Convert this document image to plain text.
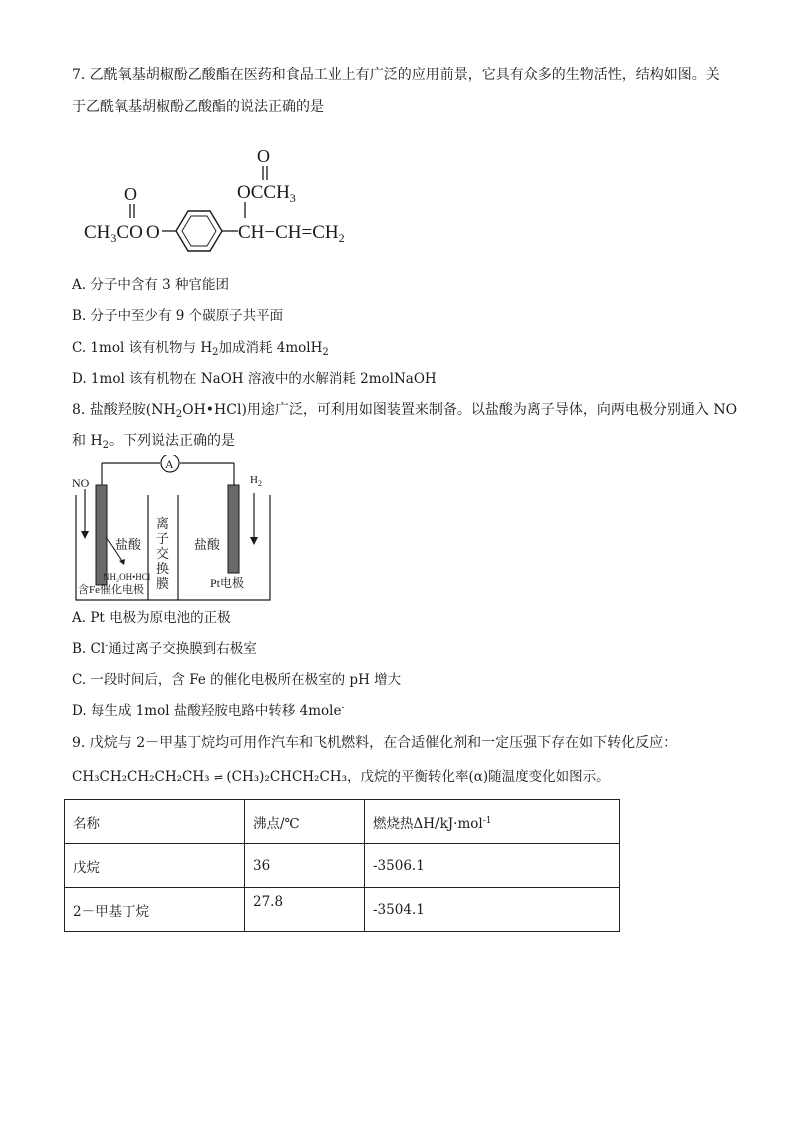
7. 乙酰氧基胡椒酚乙酸酯在医药和食品工业上有广泛的应用前景，它具有众多的生物活性，结构如图。关
于乙酰氧基胡椒酚乙酸酯的说法正确的是
O
$CH_3CO$ O
O
$OCCH_3$
$CH-CH=CH_2$
A. 分子中含有 3 种官能团
B. 分子中至少有 9 个碳原子共平面
C. 1mol 该有机物与 $H_2$加成消耗 4molH$_2$
D. 1mol 该有机物在 NaOH 溶液中的水解消耗 2molNaOH
8. 盐酸羟胺$(NH_2OH•HCl)$用途广泛，可利用如图装置来制备。以盐酸为离子导体，向两电极分别通入 NO
和 $H_2$。下列说法正确的是
A
NO	$H_2$
离
子
交
换
膜
盐酸	盐酸
NH₂OH•HCl
含Fe催化电极	Pt电极
A. Pt 电极为原电池的正极
B. Cl-通过离子交换膜到右极室
C. 一段时间后，含 Fe 的催化电极所在极室的 pH 增大
D. 每生成 1mol 盐酸羟胺电路中转移 4mole-
9. 戊烷与 2－甲基丁烷均可用作汽车和飞机燃料，在合适催化剂和一定压强下存在如下转化反应：
CH₃CH₂CH₂CH₂CH₃ ⇌ (CH₃)₂CHCH₂CH₃，戊烷的平衡转化率(α)随温度变化如图示。
名称	沸点/℃	燃烧热ΔH/kJ·mol$^{-1}$
戊烷	36	-3506.1
2－甲基丁烷	27.8	-3504.1
